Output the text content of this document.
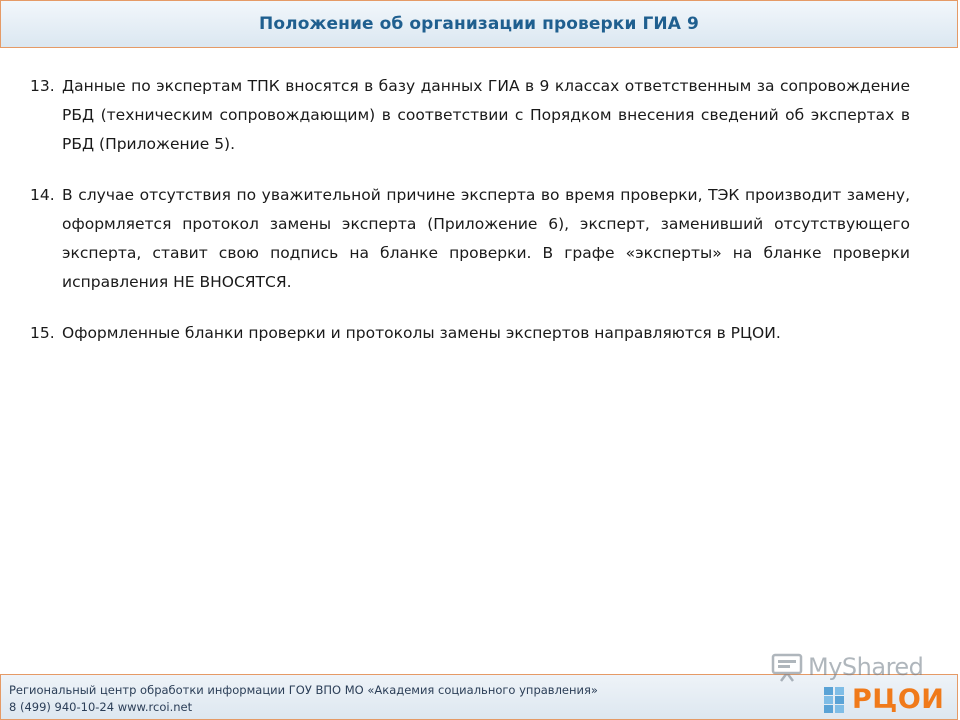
Положение об организации проверки ГИА 9
13. Данные по экспертам ТПК вносятся в базу данных ГИА в 9 классах ответственным за сопровождение РБД (техническим сопровождающим) в соответствии с Порядком внесения сведений об экспертах в РБД (Приложение 5).
14. В случае отсутствия по уважительной причине эксперта во время проверки, ТЭК производит замену, оформляется протокол замены эксперта (Приложение 6), эксперт, заменивший отсутствующего эксперта, ставит свою подпись на бланке проверки. В графе «эксперты» на бланке проверки исправления НЕ ВНОСЯТСЯ.
15. Оформленные бланки проверки и протоколы замены экспертов направляются в РЦОИ.
Региональный центр обработки информации ГОУ ВПО МО «Академия социального управления»
8 (499) 940-10-24 www.rcoi.net
MyShared
РЦОИ
